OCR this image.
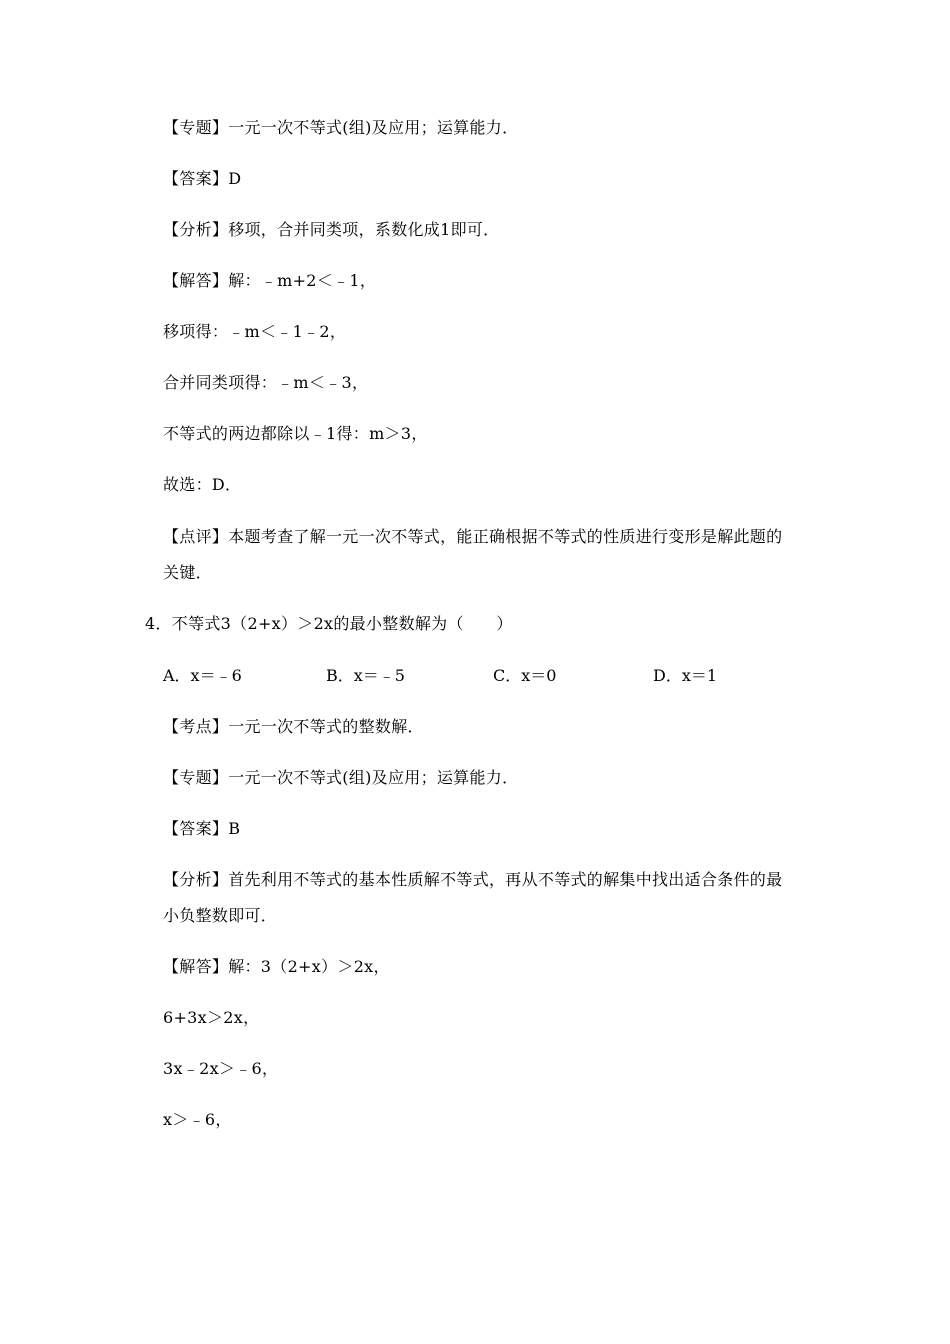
【专题】一元一次不等式(组)及应用；运算能力．
【答案】D
【分析】移项，合并同类项，系数化成1即可．
【解答】解：﹣m+2＜﹣1，
移项得：﹣m＜﹣1﹣2，
合并同类项得：﹣m＜﹣3，
不等式的两边都除以﹣1得：m＞3，
故选：D．
【点评】本题考查了解一元一次不等式，能正确根据不等式的性质进行变形是解此题的
关键．
4．不等式3（2+x）＞2x的最小整数解为（　　）
A．x＝﹣6	B．x＝﹣5	C．x＝0	D．x＝1
【考点】一元一次不等式的整数解．
【专题】一元一次不等式(组)及应用；运算能力．
【答案】B
【分析】首先利用不等式的基本性质解不等式，再从不等式的解集中找出适合条件的最
小负整数即可．
【解答】解：3（2+x）＞2x，
6+3x＞2x，
3x﹣2x＞﹣6，
x＞﹣6，
